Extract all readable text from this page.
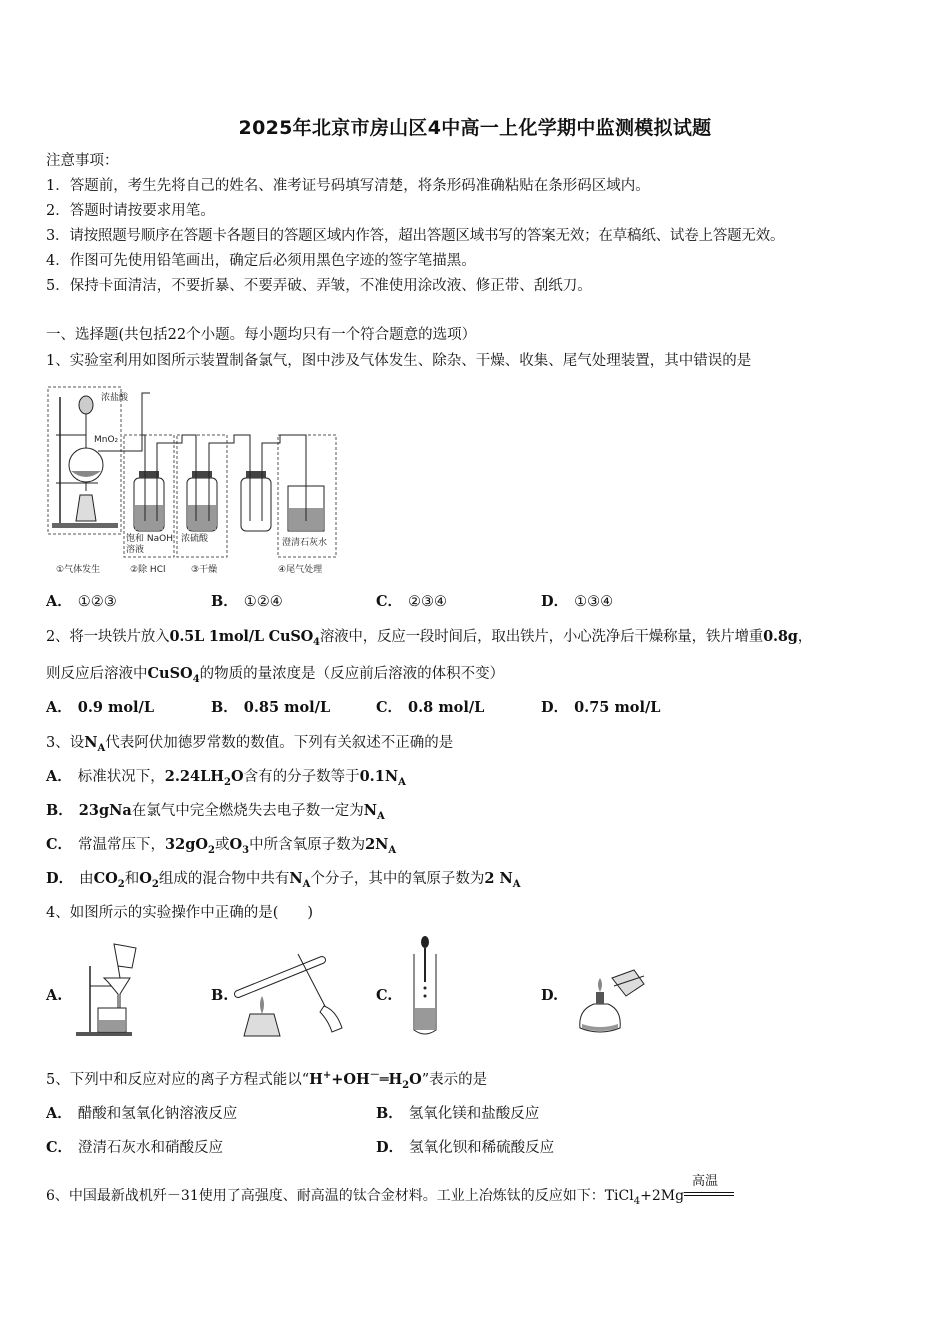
2025年北京市房山区4中高一上化学期中监测模拟试题
注意事项：
1．答题前，考生先将自己的姓名、准考证号码填写清楚，将条形码准确粘贴在条形码区域内。
2．答题时请按要求用笔。
3．请按照题号顺序在答题卡各题目的答题区域内作答，超出答题区域书写的答案无效；在草稿纸、试卷上答题无效。
4．作图可先使用铅笔画出，确定后必须用黑色字迹的签字笔描黑。
5．保持卡面清洁，不要折暴、不要弄破、弄皱，不准使用涂改液、修正带、刮纸刀。
一、选择题(共包括22个小题。每小题均只有一个符合题意的选项）
1、实验室利用如图所示装置制备氯气，图中涉及气体发生、除杂、干燥、收集、尾气处理装置，其中错误的是
浓盐酸
MnO₂
饱和 NaOH
溶液
浓硫酸	澄清石灰水
①气体发生	②除 HCl	③干燥	④尾气处理
A． ①②③	B． ①②④	C． ②③④	D． ①③④
2、将一块铁片放入0.5L 1mol/L CuSO$_4$溶液中，反应一段时间后，取出铁片，小心洗净后干燥称量，铁片增重0.8g，
则反应后溶液中CuSO$_4$的物质的量浓度是（反应前后溶液的体积不变）
A． 0.9 mol/L	B． 0.85 mol/L	C． 0.8 mol/L	D． 0.75 mol/L
3、设$N_A$代表阿伏加德罗常数的数值。下列有关叙述不正确的是
A． 标准状况下，$2.24LH_2O$含有的分子数等于$0.1N_A$
B． 23gNa在氯气中完全燃烧失去电子数一定为$N_A$
C． 常温常压下，$32gO_2$或$O_3$中所含氧原子数为$2N_A$
D． 由$CO_2$和$O_2$组成的混合物中共有$N_A$个分子，其中的氧原子数为2 $N_A$
4、如图所示的实验操作中正确的是(　　)
A.	B.	C.	D.
5、下列中和反应对应的离子方程式能以“$H^++OH^-═H_2O$”表示的是
A． 醋酸和氢氧化钠溶液反应	B． 氢氧化镁和盐酸反应
C． 澄清石灰水和硝酸反应	D． 氢氧化钡和稀硫酸反应
6、中国最新战机歼－31使用了高强度、耐高温的钛合金材料。工业上冶炼钛的反应如下：TiCl$_4$+2Mg
高温
